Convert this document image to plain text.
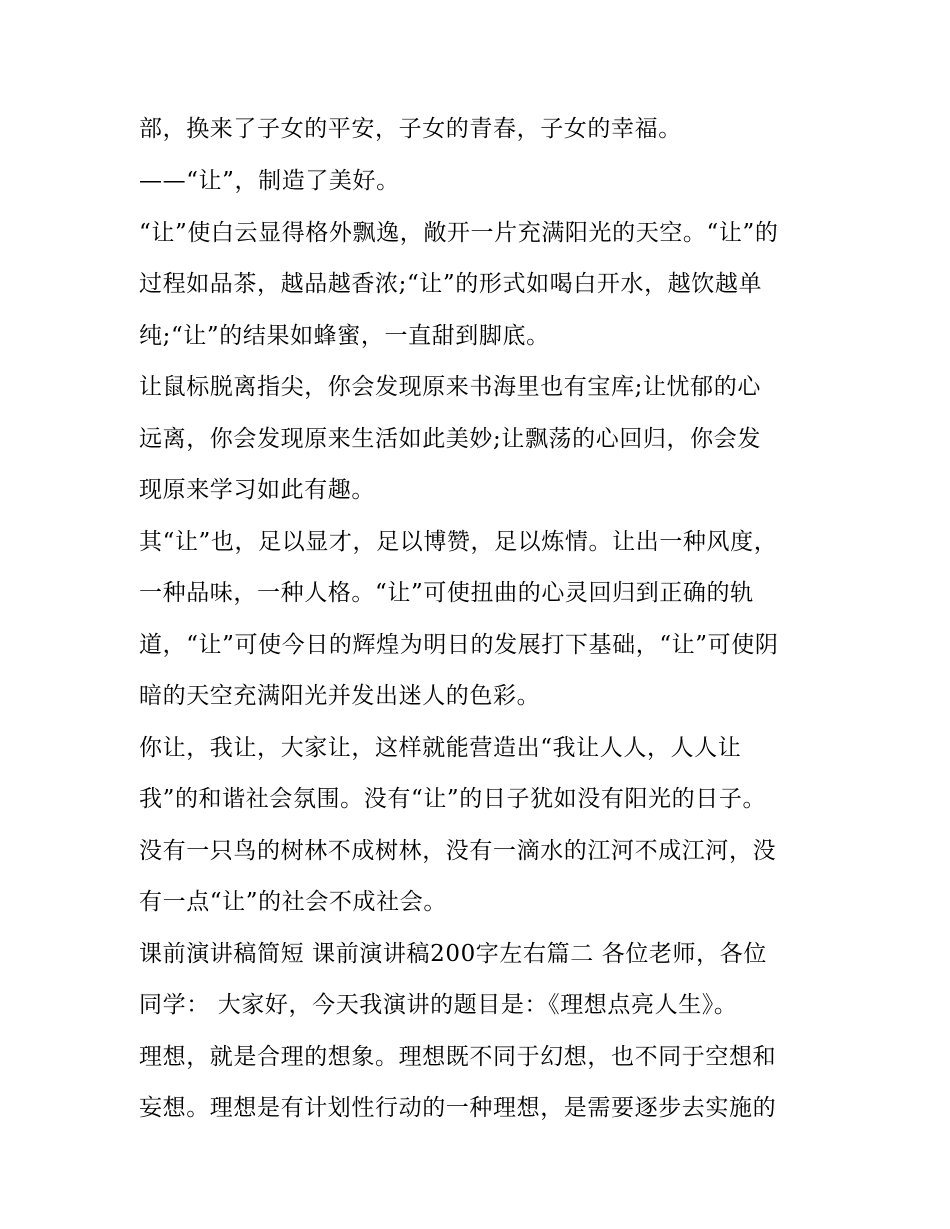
部，换来了子女的平安，子女的青春，子女的幸福。
——“让”，制造了美好。
“让”使白云显得格外飘逸，敞开一片充满阳光的天空。“让”的
过程如品茶，越品越香浓;“让”的形式如喝白开水，越饮越单
纯;“让”的结果如蜂蜜，一直甜到脚底。
让鼠标脱离指尖，你会发现原来书海里也有宝库;让忧郁的心
远离，你会发现原来生活如此美妙;让飘荡的心回归，你会发
现原来学习如此有趣。
其“让”也，足以显才，足以博赞，足以炼情。让出一种风度，
一种品味，一种人格。“让”可使扭曲的心灵回归到正确的轨
道，“让”可使今日的辉煌为明日的发展打下基础，“让”可使阴
暗的天空充满阳光并发出迷人的色彩。
你让，我让，大家让，这样就能营造出“我让人人，人人让
我”的和谐社会氛围。没有“让”的日子犹如没有阳光的日子。
没有一只鸟的树林不成树林，没有一滴水的江河不成江河，没
有一点“让”的社会不成社会。
课前演讲稿简短 课前演讲稿200字左右篇二 各位老师，各位
同学： 大家好，今天我演讲的题目是：《理想点亮人生》。
理想，就是合理的想象。理想既不同于幻想，也不同于空想和
妄想。理想是有计划性行动的一种理想，是需要逐步去实施的
